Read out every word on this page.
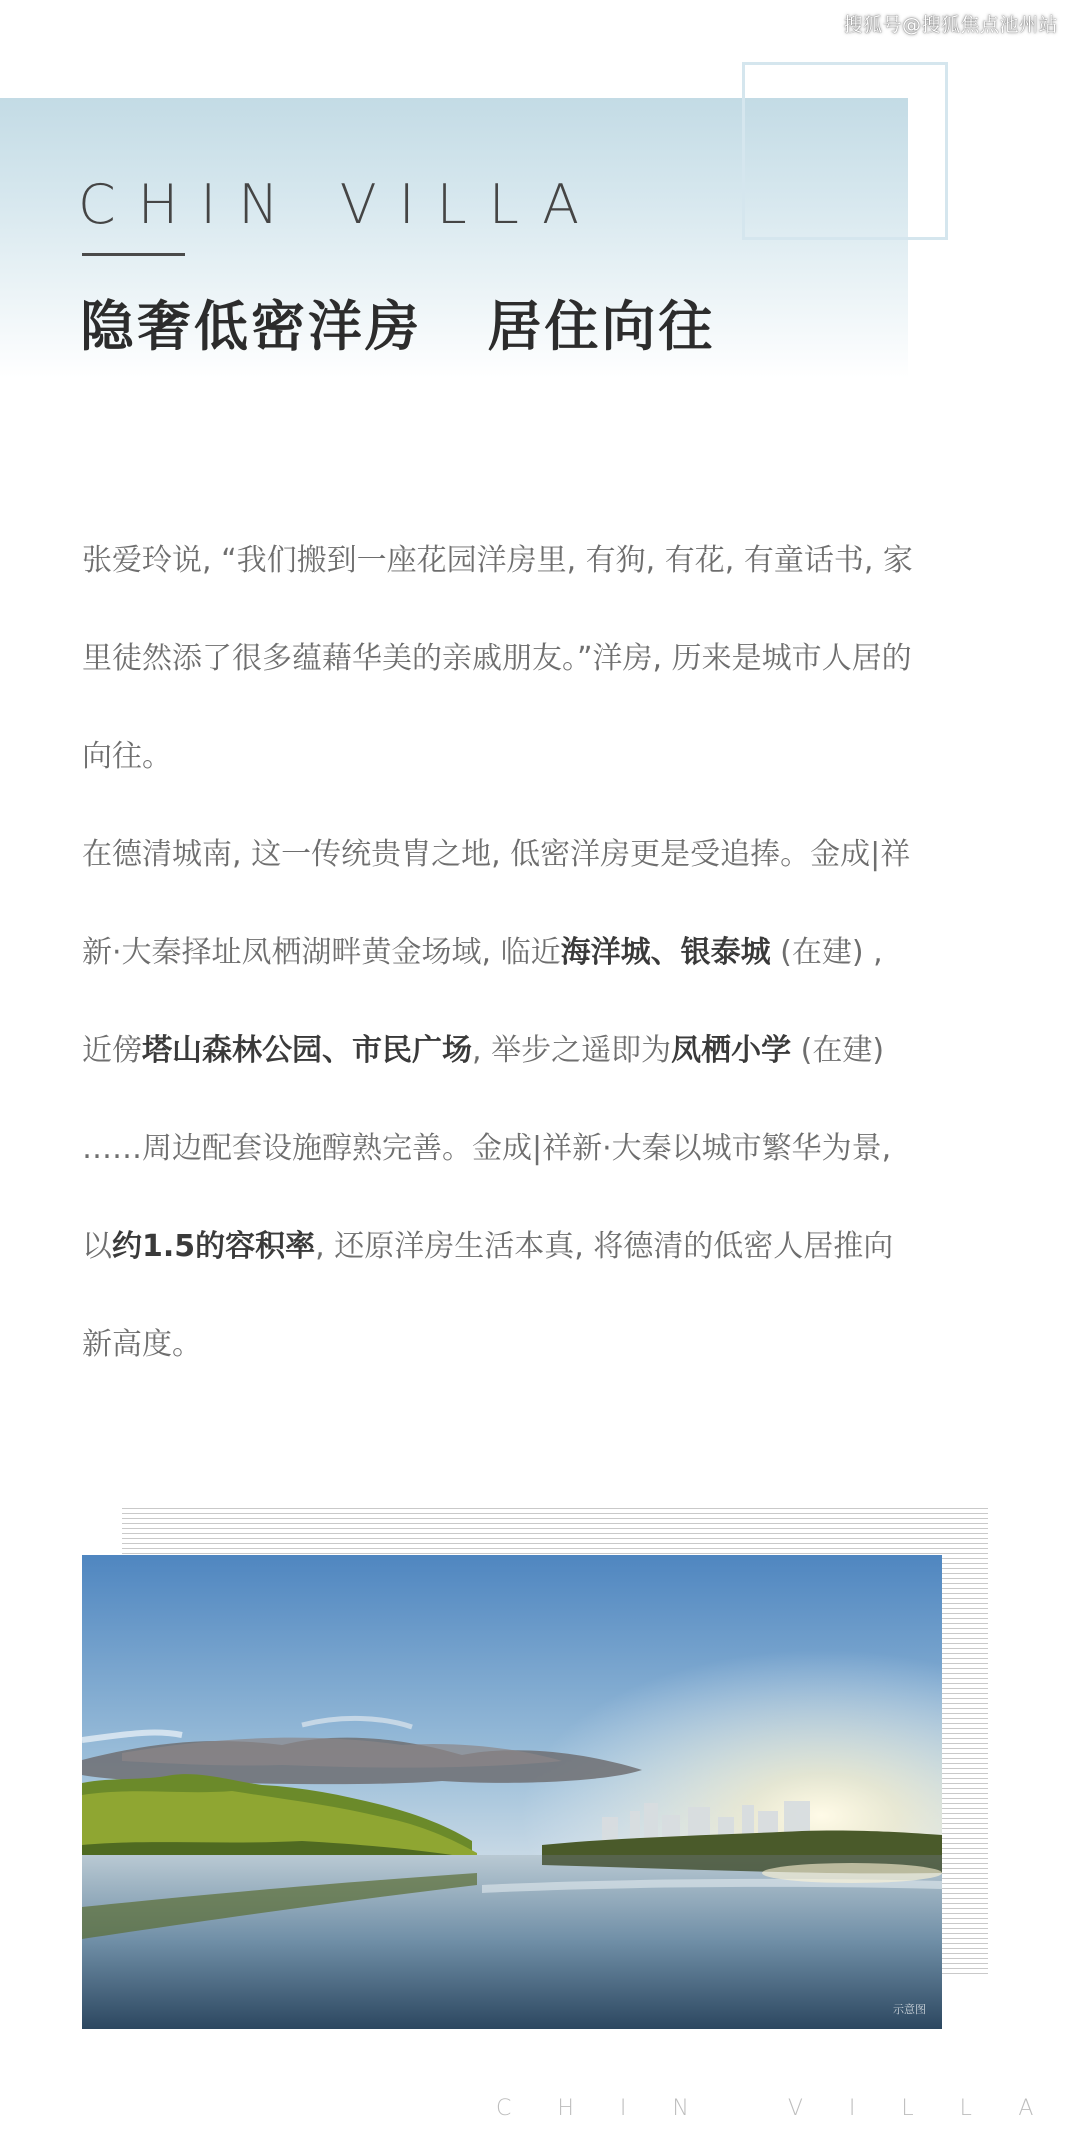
搜狐号@搜狐焦点池州站
CHIN VILLA
隐奢低密洋房   居住向往
张爱玲说, “我们搬到一座花园洋房里, 有狗, 有花, 有童话书, 家
里徒然添了很多蕴藉华美的亲戚朋友。”洋房, 历来是城市人居的
向往。
在德清城南, 这一传统贵胄之地, 低密洋房更是受追捧。金成|祥
新·大秦择址凤栖湖畔黄金场域, 临近海洋城、银泰城 (在建) ,
近傍塔山森林公园、市民广场, 举步之遥即为凤栖小学 (在建)
……周边配套设施醇熟完善。金成|祥新·大秦以城市繁华为景,
以约1.5的容积率, 还原洋房生活本真, 将德清的低密人居推向
新高度。
示意图
CHIN VILLA
